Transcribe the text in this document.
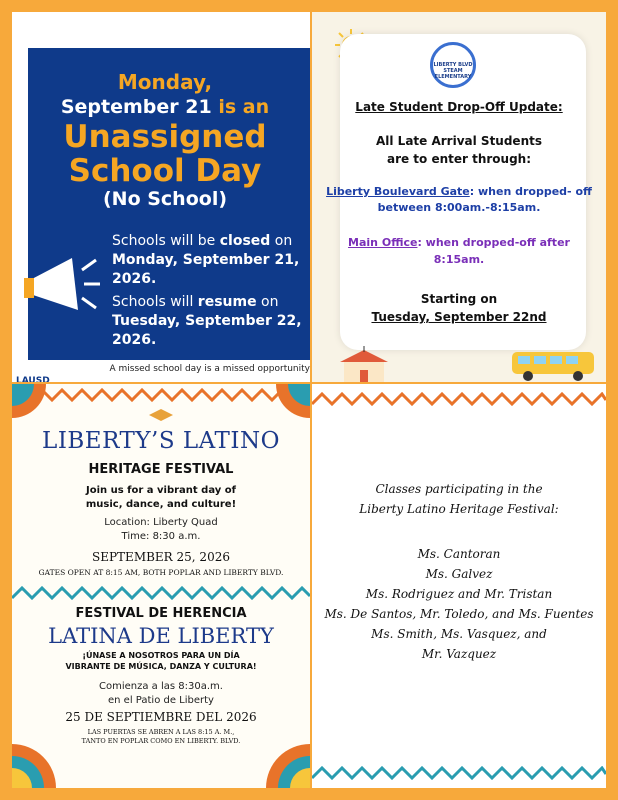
Monday,
September 21 is an
Unassigned School Day
(No School)
Schools will be closed on Monday, September 21, 2026.
Schools will resume on Tuesday, September 22, 2026.
A missed school day is a missed opportunity
LAUSD
LIBERTY BLVD STEAM ELEMENTARY
Late Student Drop-Off Update:
All Late Arrival Students
are to enter through:
Liberty Boulevard Gate: when dropped- off between 8:00am.-8:15am.
Main Office: when dropped-off after 8:15am.
Starting on
Tuesday, September 22nd
LIBERTY’S LATINO
HERITAGE FESTIVAL
Join us for a vibrant day of
music, dance, and culture!
Location: Liberty Quad
Time: 8:30 a.m.
SEPTEMBER 25, 2026
GATES OPEN AT 8:15 AM, BOTH POPLAR AND LIBERTY BLVD.
FESTIVAL DE HERENCIA
LATINA DE LIBERTY
¡ÚNASE A NOSOTROS PARA UN DÍA
VIBRANTE DE MÚSICA, DANZA Y CULTURA!
Comienza a las 8:30a.m.
en el Patio de Liberty
25 DE SEPTIEMBRE DEL 2026
LAS PUERTAS SE ABREN A LAS 8:15 A. M.,
TANTO EN POPLAR COMO EN LIBERTY. BLVD.
Classes participating in the
Liberty Latino Heritage Festival:
Ms. Cantoran
Ms. Galvez
Ms. Rodriguez and Mr. Tristan
Ms. De Santos, Mr. Toledo, and Ms. Fuentes
Ms. Smith, Ms. Vasquez, and
Mr. Vazquez
